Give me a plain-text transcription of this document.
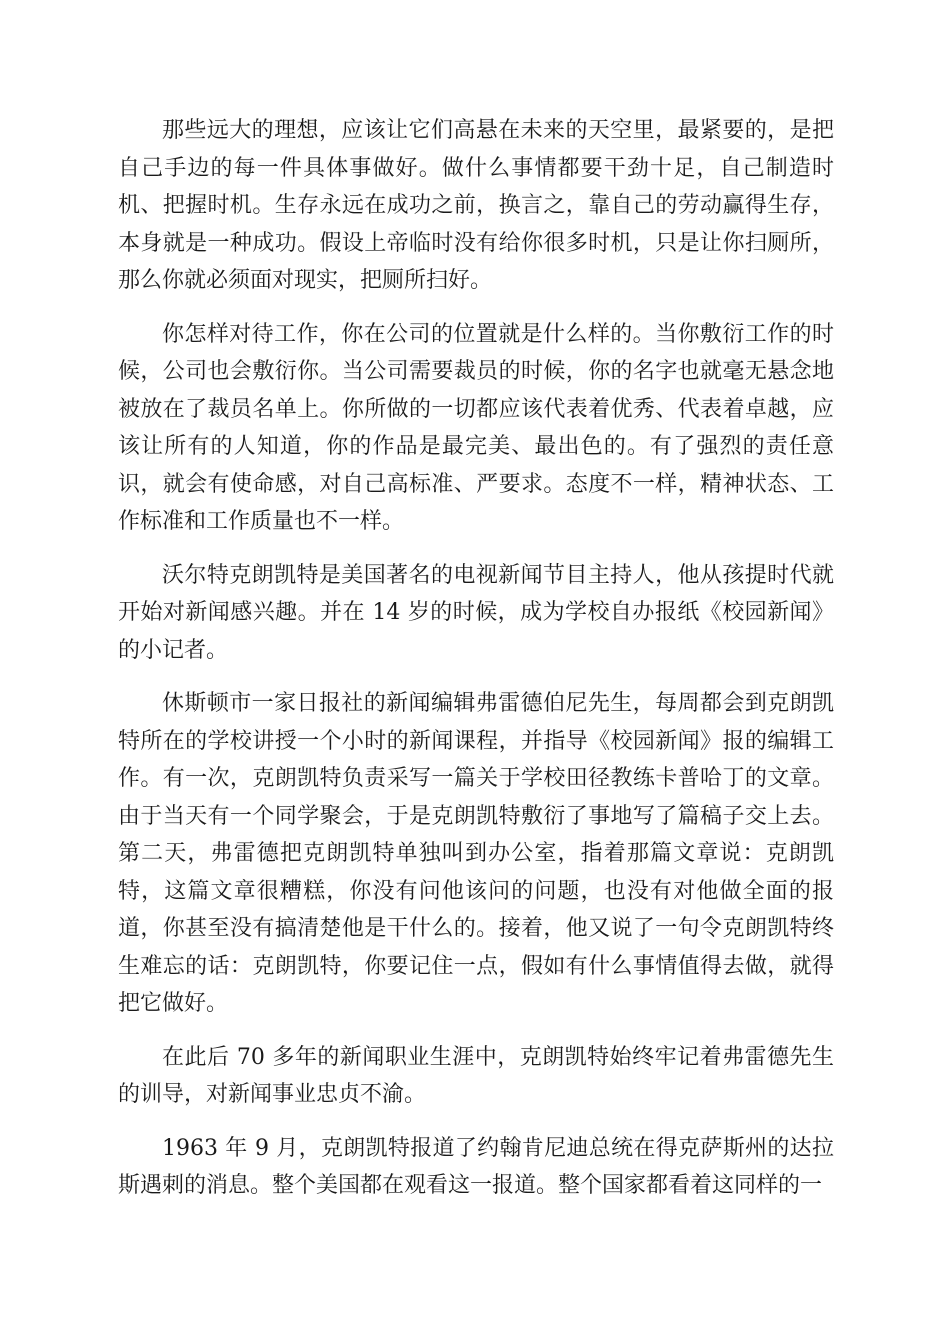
那些远大的理想，应该让它们高悬在未来的天空里，最紧要的，是把自己手边的每一件具体事做好。做什么事情都要干劲十足，自己制造时机、把握时机。生存永远在成功之前，换言之，靠自己的劳动赢得生存，本身就是一种成功。假设上帝临时没有给你很多时机，只是让你扫厕所，那么你就必须面对现实，把厕所扫好。

你怎样对待工作，你在公司的位置就是什么样的。当你敷衍工作的时候，公司也会敷衍你。当公司需要裁员的时候，你的名字也就毫无悬念地被放在了裁员名单上。你所做的一切都应该代表着优秀、代表着卓越，应该让所有的人知道，你的作品是最完美、最出色的。有了强烈的责任意识，就会有使命感，对自己高标准、严要求。态度不一样，精神状态、工作标准和工作质量也不一样。

沃尔特克朗凯特是美国著名的电视新闻节目主持人，他从孩提时代就开始对新闻感兴趣。并在 14 岁的时候，成为学校自办报纸《校园新闻》的小记者。

休斯顿市一家日报社的新闻编辑弗雷德伯尼先生，每周都会到克朗凯特所在的学校讲授一个小时的新闻课程，并指导《校园新闻》报的编辑工作。有一次，克朗凯特负责采写一篇关于学校田径教练卡普哈丁的文章。由于当天有一个同学聚会，于是克朗凯特敷衍了事地写了篇稿子交上去。第二天，弗雷德把克朗凯特单独叫到办公室，指着那篇文章说：克朗凯特，这篇文章很糟糕，你没有问他该问的问题，也没有对他做全面的报道，你甚至没有搞清楚他是干什么的。接着，他又说了一句令克朗凯特终生难忘的话：克朗凯特，你要记住一点，假如有什么事情值得去做，就得把它做好。

在此后 70 多年的新闻职业生涯中，克朗凯特始终牢记着弗雷德先生的训导，对新闻事业忠贞不渝。

1963 年 9 月，克朗凯特报道了约翰肯尼迪总统在得克萨斯州的达拉斯遇刺的消息。整个美国都在观看这一报道。整个国家都看着这同样的一
